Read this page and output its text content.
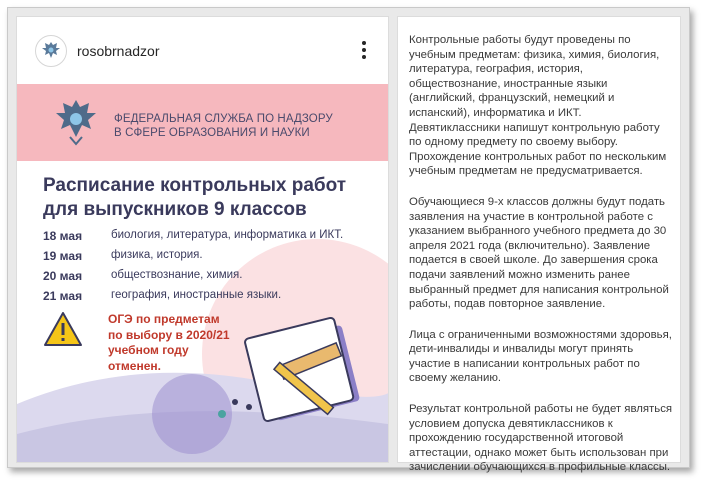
rosobrnadzor
ФЕДЕРАЛЬНАЯ СЛУЖБА ПО НАДЗОРУ
В СФЕРЕ ОБРАЗОВАНИЯ И НАУКИ
Расписание контрольных работ
для выпускников 9 классов
18 мая	биология, литература, информатика и ИКТ.
19 мая	физика, история.
20 мая	обществознание, химия.
21 мая	география, иностранные языки.
ОГЭ по предметам
по выбору в 2020/21
учебном году
отменен.

Контрольные работы будут проведены по учебным предметам: физика, химия, биология, литература, география, история, обществознание, иностранные языки (английский, французский, немецкий и испанский), информатика и ИКТ. Девятиклассники напишут контрольную работу по одному предмету по своему выбору. Прохождение контрольных работ по нескольким учебным предметам не предусматривается.

Обучающиеся 9-х классов должны будут подать заявления на участие в контрольной работе с указанием выбранного учебного предмета до 30 апреля 2021 года (включительно). Заявление подается в своей школе. До завершения срока подачи заявлений можно изменить ранее выбранный предмет для написания контрольной работы, подав повторное заявление.

Лица с ограниченными возможностями здоровья, дети-инвалиды и инвалиды могут принять участие в написании контрольных работ по своему желанию.

Результат контрольной работы не будет являться условием допуска девятиклассников к прохождению государственной итоговой аттестации, однако может быть использован при зачислении обучающихся в профильные классы.
